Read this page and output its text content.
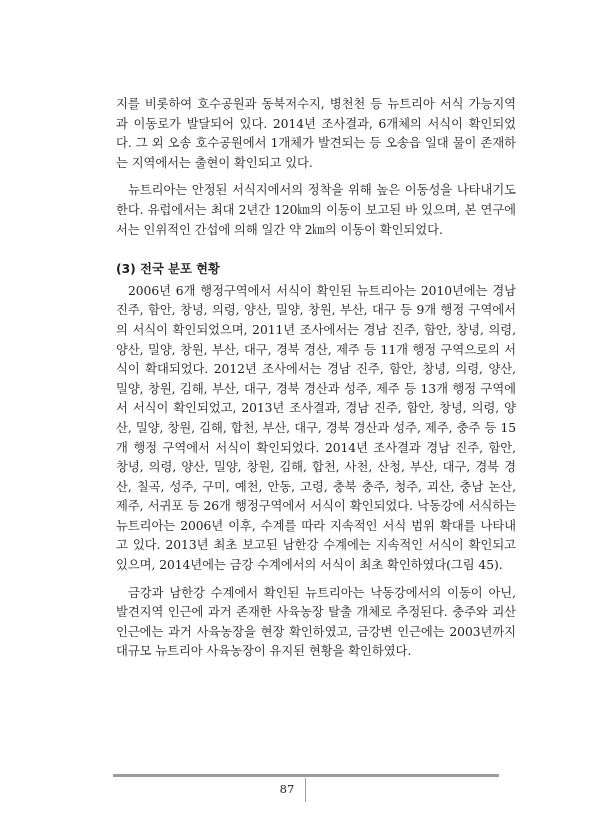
지를 비롯하여 호수공원과 동북저수지, 병천천 등 뉴트리아 서식 가능지역과 이동로가 발달되어 있다. 2014년 조사결과, 6개체의 서식이 확인되었다. 그 외 오송 호수공원에서 1개체가 발견되는 등 오송읍 일대 물이 존재하는 지역에서는 출현이 확인되고 있다.

뉴트리아는 안정된 서식지에서의 정착을 위해 높은 이동성을 나타내기도 한다. 유럽에서는 최대 2년간 120㎞의 이동이 보고된 바 있으며, 본 연구에서는 인위적인 간섭에 의해 일간 약 2㎞의 이동이 확인되었다.

(3) 전국 분포 현황

2006년 6개 행정구역에서 서식이 확인된 뉴트리아는 2010년에는 경남 진주, 함안, 창녕, 의령, 양산, 밀양, 창원, 부산, 대구 등 9개 행정 구역에서의 서식이 확인되었으며, 2011년 조사에서는 경남 진주, 함안, 창녕, 의령, 양산, 밀양, 창원, 부산, 대구, 경북 경산, 제주 등 11개 행정 구역으로의 서식이 확대되었다. 2012년 조사에서는 경남 진주, 함안, 창녕, 의령, 양산, 밀양, 창원, 김해, 부산, 대구, 경북 경산과 성주, 제주 등 13개 행정 구역에서 서식이 확인되었고, 2013년 조사결과, 경남 진주, 함안, 창녕, 의령, 양산, 밀양, 창원, 김해, 합천, 부산, 대구, 경북 경산과 성주, 제주, 충주 등 15개 행정 구역에서 서식이 확인되었다. 2014년 조사결과 경남 진주, 함안, 창녕, 의령, 양산, 밀양, 창원, 김해, 합천, 사천, 산청, 부산, 대구, 경북 경산, 칠곡, 성주, 구미, 예천, 안동, 고령, 충북 충주, 청주, 괴산, 충남 논산, 제주, 서귀포 등 26개 행정구역에서 서식이 확인되었다. 낙동강에 서식하는 뉴트리아는 2006년 이후, 수계를 따라 지속적인 서식 범위 확대를 나타내고 있다. 2013년 최초 보고된 남한강 수계에는 지속적인 서식이 확인되고 있으며, 2014년에는 금강 수계에서의 서식이 최초 확인하였다(그림 45).

금강과 남한강 수계에서 확인된 뉴트리아는 낙동강에서의 이동이 아닌, 발견지역 인근에 과거 존재한 사육농장 탈출 개체로 추정된다. 충주와 괴산 인근에는 과거 사육농장을 현장 확인하였고, 금강변 인근에는 2003년까지 대규모 뉴트리아 사육농장이 유지된 현황을 확인하였다.

87
